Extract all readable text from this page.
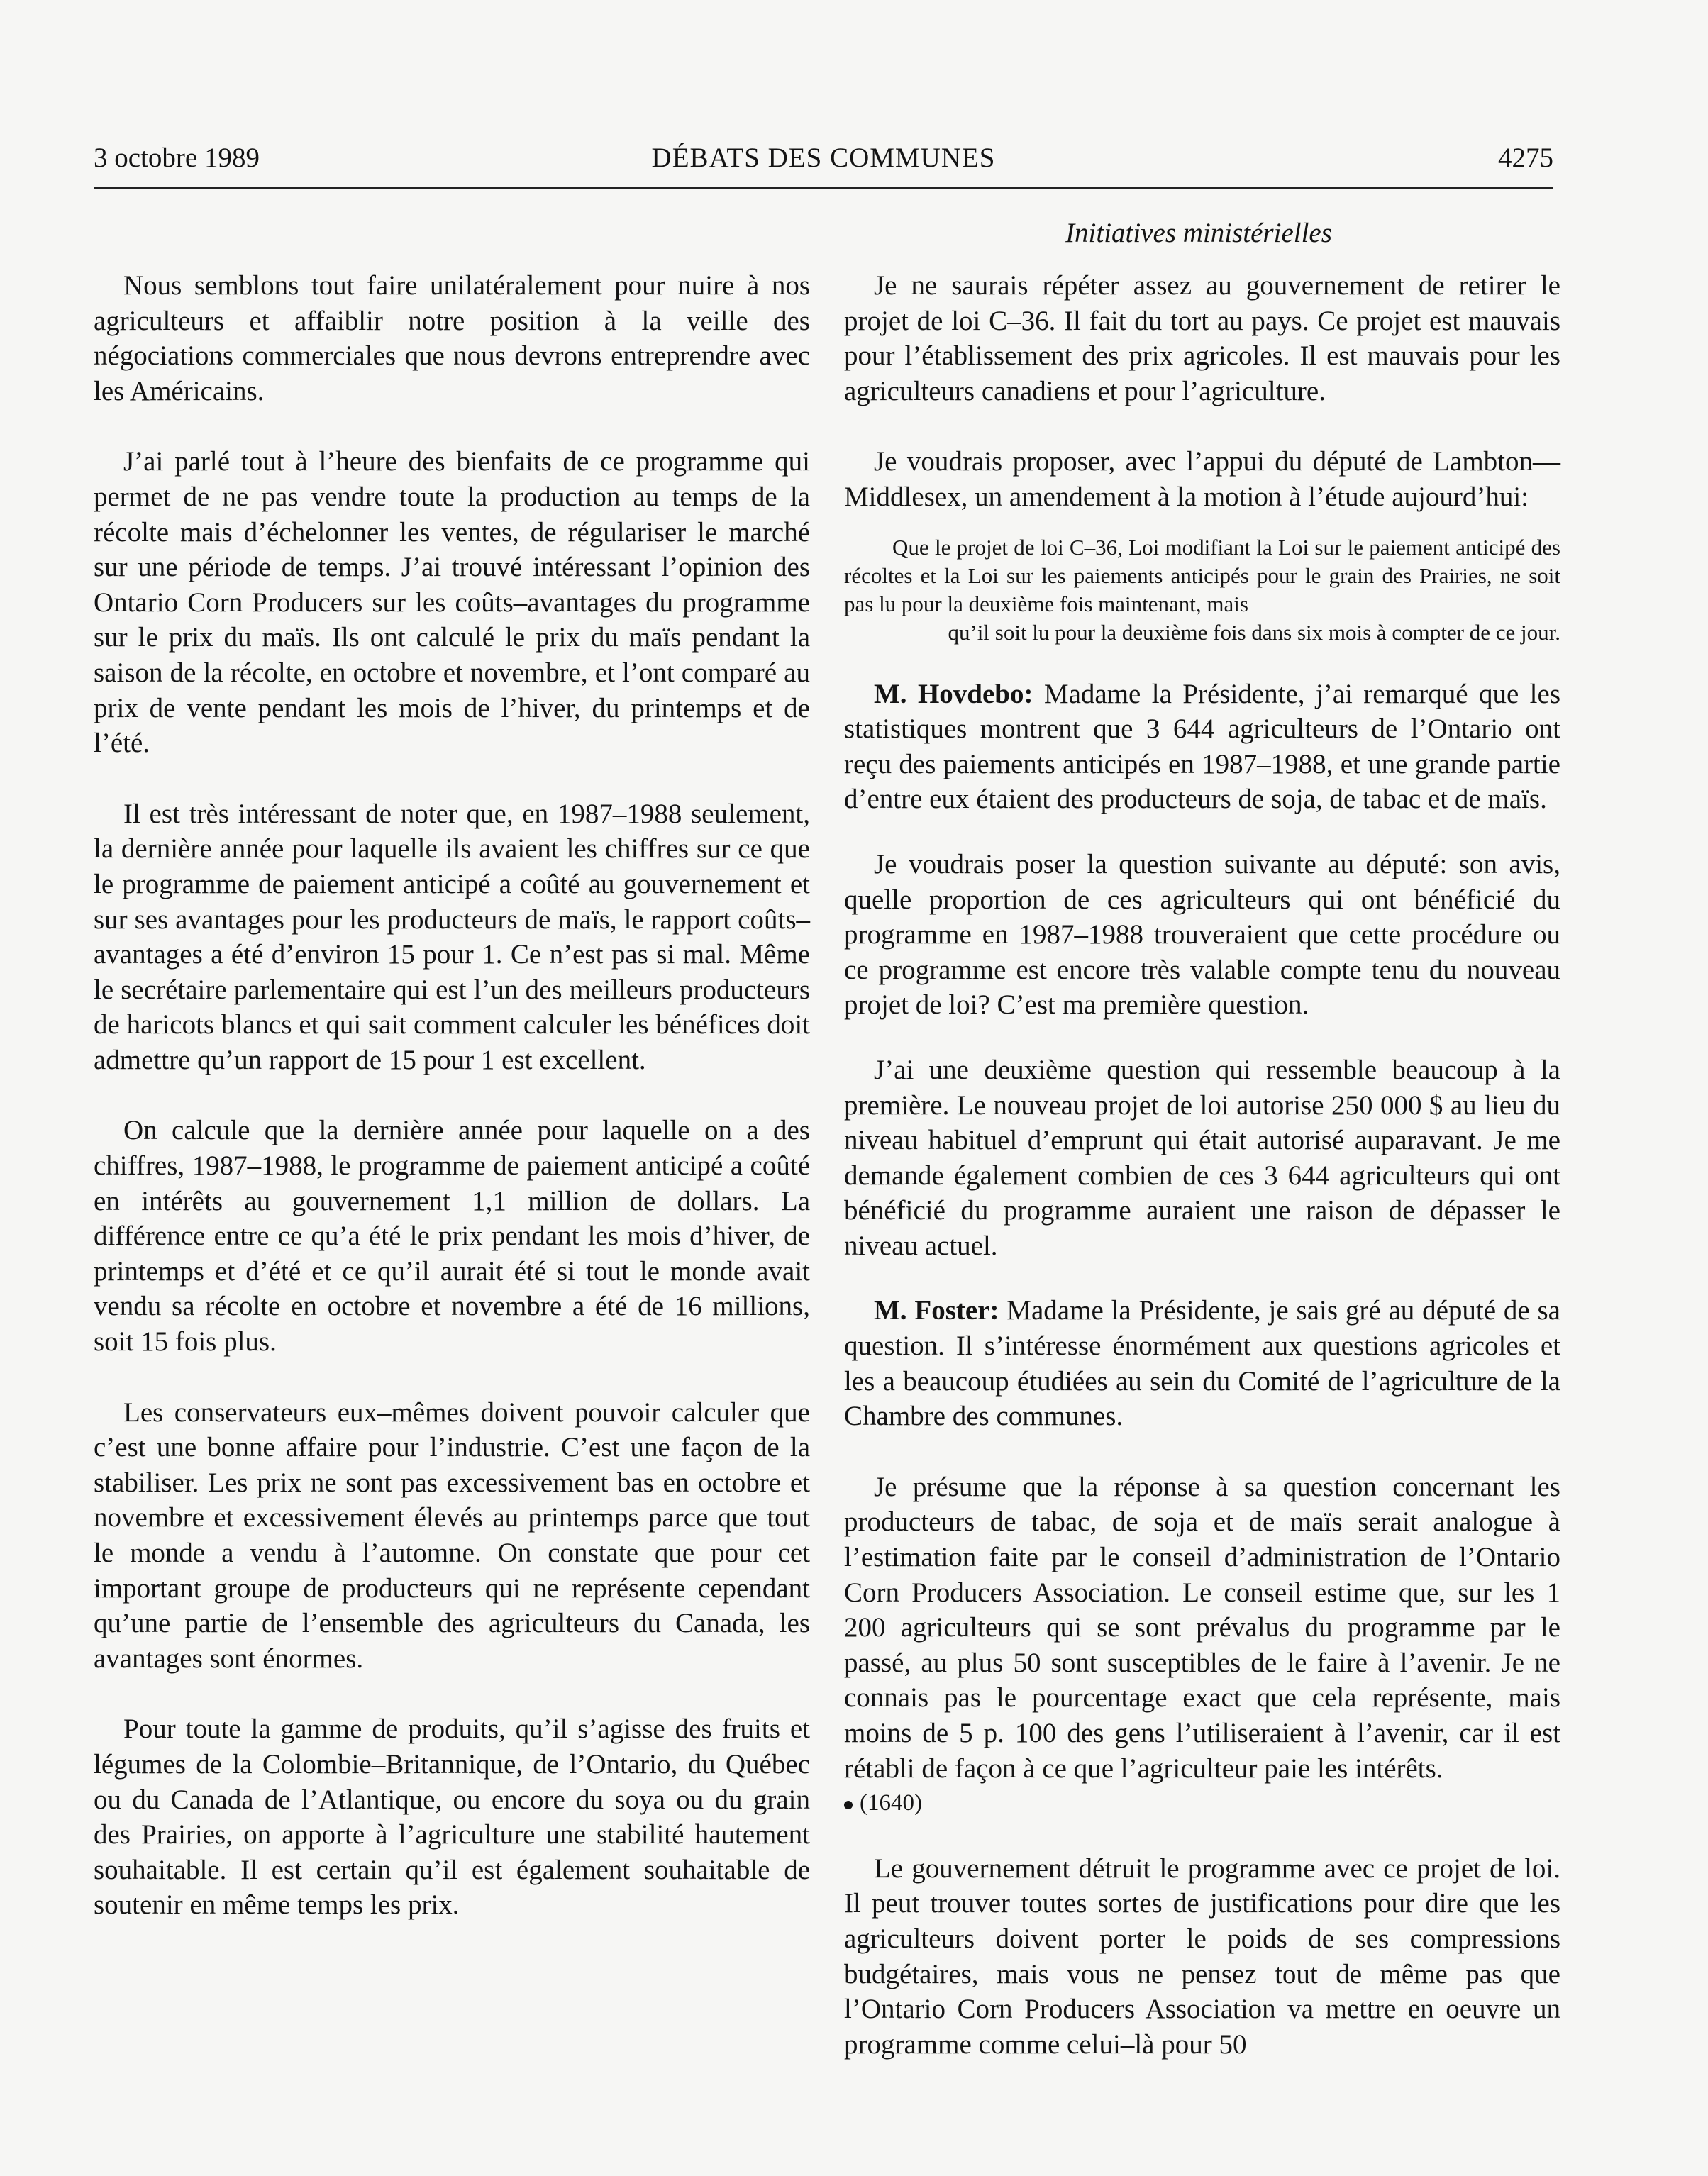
3 octobre 1989	DÉBATS DES COMMUNES	4275
Initiatives ministérielles

Nous semblons tout faire unilatéralement pour nuire à nos agriculteurs et affaiblir notre position à la veille des négociations commerciales que nous devrons entreprendre avec les Américains.

J’ai parlé tout à l’heure des bienfaits de ce programme qui permet de ne pas vendre toute la production au temps de la récolte mais d’échelonner les ventes, de régulariser le marché sur une période de temps. J’ai trouvé intéressant l’opinion des Ontario Corn Producers sur les coûts–avantages du programme sur le prix du maïs. Ils ont calculé le prix du maïs pendant la saison de la récolte, en octobre et novembre, et l’ont comparé au prix de vente pendant les mois de l’hiver, du printemps et de l’été.

Il est très intéressant de noter que, en 1987–1988 seulement, la dernière année pour laquelle ils avaient les chiffres sur ce que le programme de paiement anticipé a coûté au gouvernement et sur ses avantages pour les producteurs de maïs, le rapport coûts–avantages a été d’environ 15 pour 1. Ce n’est pas si mal. Même le secrétaire parlementaire qui est l’un des meilleurs producteurs de haricots blancs et qui sait comment calculer les bénéfices doit admettre qu’un rapport de 15 pour 1 est excellent.

On calcule que la dernière année pour laquelle on a des chiffres, 1987–1988, le programme de paiement anticipé a coûté en intérêts au gouvernement 1,1 million de dollars. La différence entre ce qu’a été le prix pendant les mois d’hiver, de printemps et d’été et ce qu’il aurait été si tout le monde avait vendu sa récolte en octobre et novembre a été de 16 millions, soit 15 fois plus.

Les conservateurs eux–mêmes doivent pouvoir calculer que c’est une bonne affaire pour l’industrie. C’est une façon de la stabiliser. Les prix ne sont pas excessivement bas en octobre et novembre et excessivement élevés au printemps parce que tout le monde a vendu à l’automne. On constate que pour cet important groupe de producteurs qui ne représente cependant qu’une partie de l’ensemble des agriculteurs du Canada, les avantages sont énormes.

Pour toute la gamme de produits, qu’il s’agisse des fruits et légumes de la Colombie–Britannique, de l’Ontario, du Québec ou du Canada de l’Atlantique, ou encore du soya ou du grain des Prairies, on apporte à l’agriculture une stabilité hautement souhaitable. Il est certain qu’il est également souhaitable de soutenir en même temps les prix.

Je ne saurais répéter assez au gouvernement de retirer le projet de loi C–36. Il fait du tort au pays. Ce projet est mauvais pour l’établissement des prix agricoles. Il est mauvais pour les agriculteurs canadiens et pour l’agriculture.

Je voudrais proposer, avec l’appui du député de Lambton—Middlesex, un amendement à la motion à l’étude aujourd’hui:

Que le projet de loi C–36, Loi modifiant la Loi sur le paiement anticipé des récoltes et la Loi sur les paiements anticipés pour le grain des Prairies, ne soit pas lu pour la deuxième fois maintenant, mais
qu’il soit lu pour la deuxième fois dans six mois à compter de ce jour.

M. Hovdebo: Madame la Présidente, j’ai remarqué que les statistiques montrent que 3 644 agriculteurs de l’Ontario ont reçu des paiements anticipés en 1987–1988, et une grande partie d’entre eux étaient des producteurs de soja, de tabac et de maïs.

Je voudrais poser la question suivante au député: son avis, quelle proportion de ces agriculteurs qui ont bénéficié du programme en 1987–1988 trouveraient que cette procédure ou ce programme est encore très valable compte tenu du nouveau projet de loi? C’est ma première question.

J’ai une deuxième question qui ressemble beaucoup à la première. Le nouveau projet de loi autorise 250 000 $ au lieu du niveau habituel d’emprunt qui était autorisé auparavant. Je me demande également combien de ces 3 644 agriculteurs qui ont bénéficié du programme auraient une raison de dépasser le niveau actuel.

M. Foster: Madame la Présidente, je sais gré au député de sa question. Il s’intéresse énormément aux questions agricoles et les a beaucoup étudiées au sein du Comité de l’agriculture de la Chambre des communes.

Je présume que la réponse à sa question concernant les producteurs de tabac, de soja et de maïs serait analogue à l’estimation faite par le conseil d’administration de l’Ontario Corn Producers Association. Le conseil estime que, sur les 1 200 agriculteurs qui se sont prévalus du programme par le passé, au plus 50 sont susceptibles de le faire à l’avenir. Je ne connais pas le pourcentage exact que cela représente, mais moins de 5 p. 100 des gens l’utiliseraient à l’avenir, car il est rétabli de façon à ce que l’agriculteur paie les intérêts.

(1640)

Le gouvernement détruit le programme avec ce projet de loi. Il peut trouver toutes sortes de justifications pour dire que les agriculteurs doivent porter le poids de ses compressions budgétaires, mais vous ne pensez tout de même pas que l’Ontario Corn Producers Association va mettre en oeuvre un programme comme celui–là pour 50
